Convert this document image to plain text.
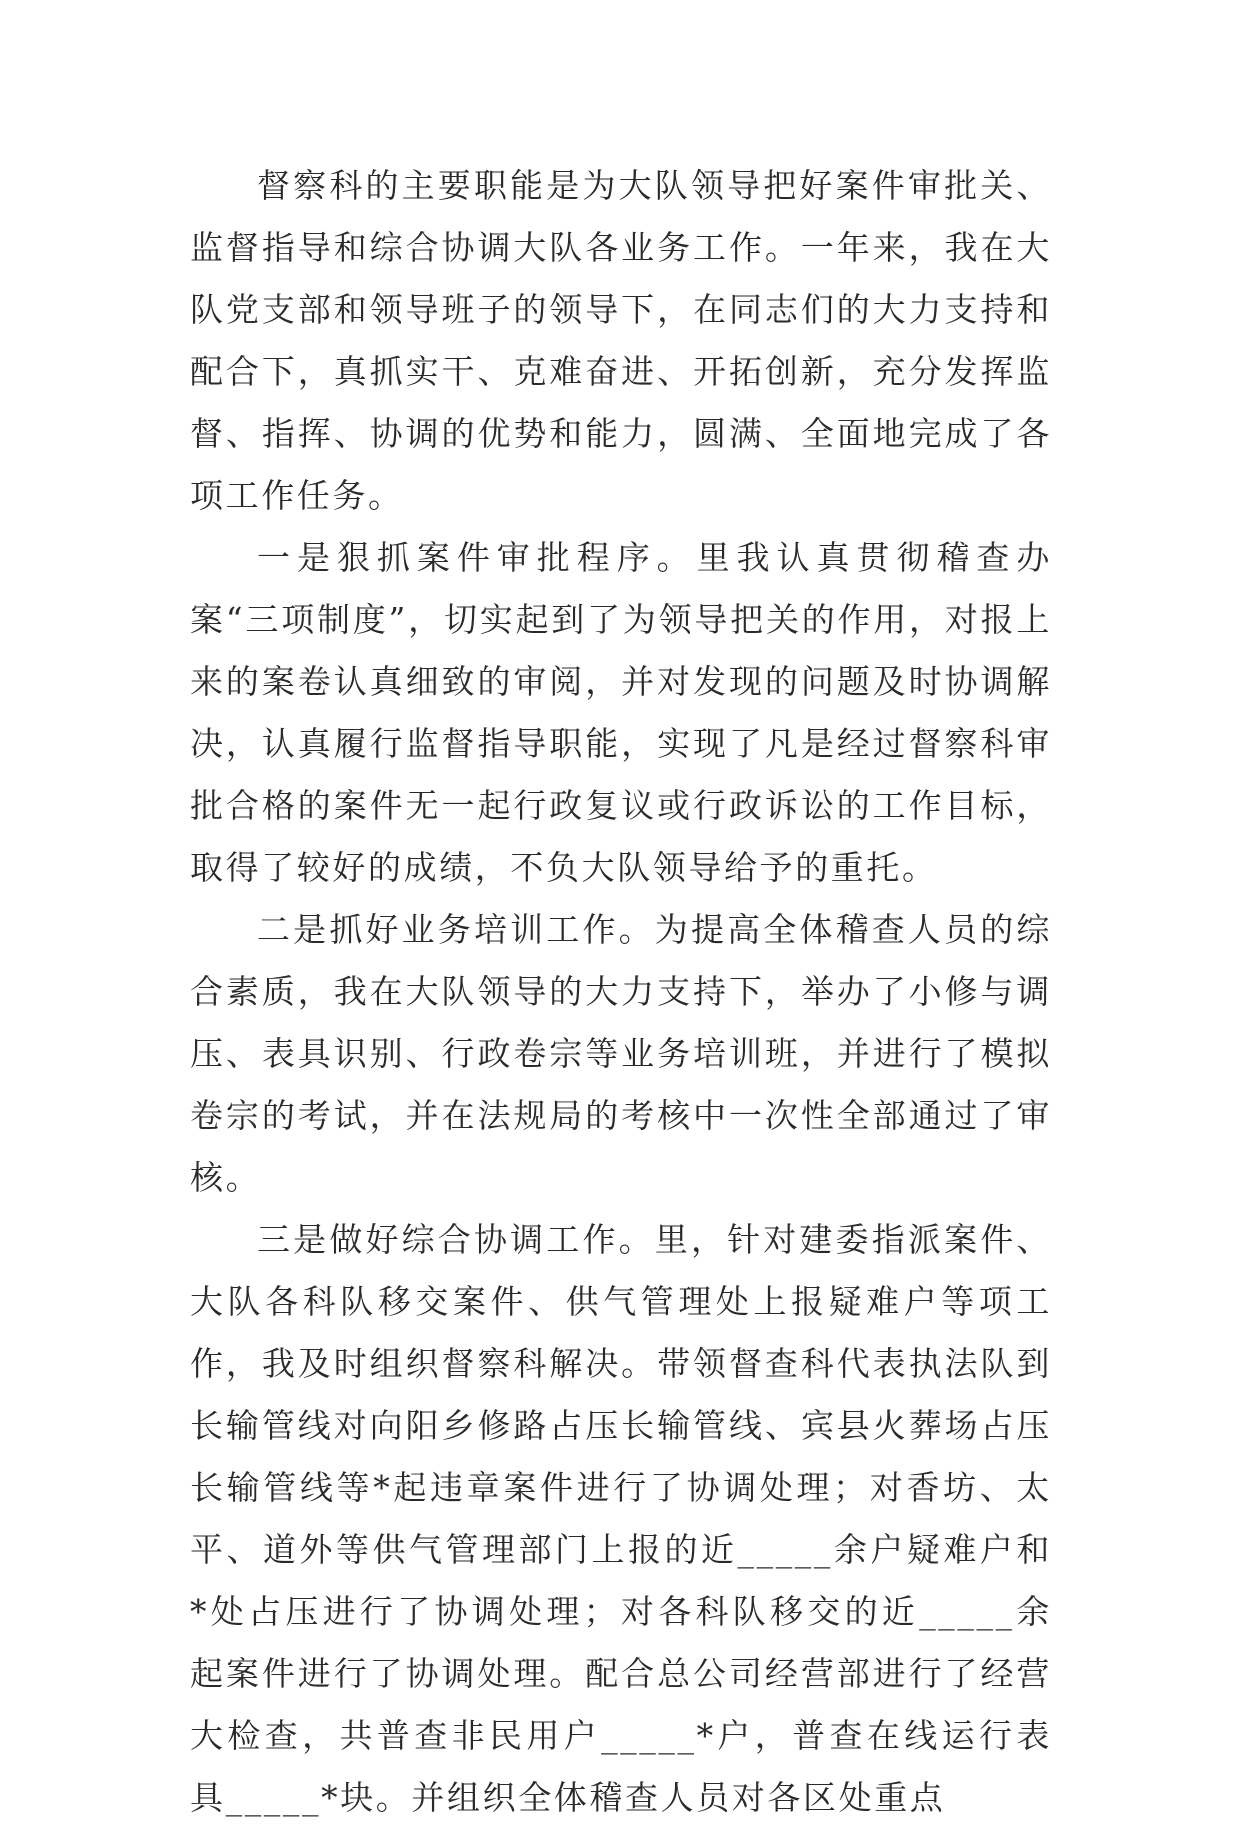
督察科的主要职能是为大队领导把好案件审批关、监督指导和综合协调大队各业务工作。一年来，我在大队党支部和领导班子的领导下，在同志们的大力支持和配合下，真抓实干、克难奋进、开拓创新，充分发挥监督、指挥、协调的优势和能力，圆满、全面地完成了各项工作任务。

一是狠抓案件审批程序。里我认真贯彻稽查办案“三项制度”，切实起到了为领导把关的作用，对报上来的案卷认真细致的审阅，并对发现的问题及时协调解决，认真履行监督指导职能，实现了凡是经过督察科审批合格的案件无一起行政复议或行政诉讼的工作目标，取得了较好的成绩，不负大队领导给予的重托。

二是抓好业务培训工作。为提高全体稽查人员的综合素质，我在大队领导的大力支持下，举办了小修与调压、表具识别、行政卷宗等业务培训班，并进行了模拟卷宗的考试，并在法规局的考核中一次性全部通过了审核。

三是做好综合协调工作。里，针对建委指派案件、大队各科队移交案件、供气管理处上报疑难户等项工作，我及时组织督察科解决。带领督查科代表执法队到长输管线对向阳乡修路占压长输管线、宾县火葬场占压长输管线等*起违章案件进行了协调处理；对香坊、太平、道外等供气管理部门上报的近_____余户疑难户和*处占压进行了协调处理；对各科队移交的近_____余起案件进行了协调处理。配合总公司经营部进行了经营大检查，共普查非民用户_____*户，普查在线运行表具_____*块。并组织全体稽查人员对各区处重点
